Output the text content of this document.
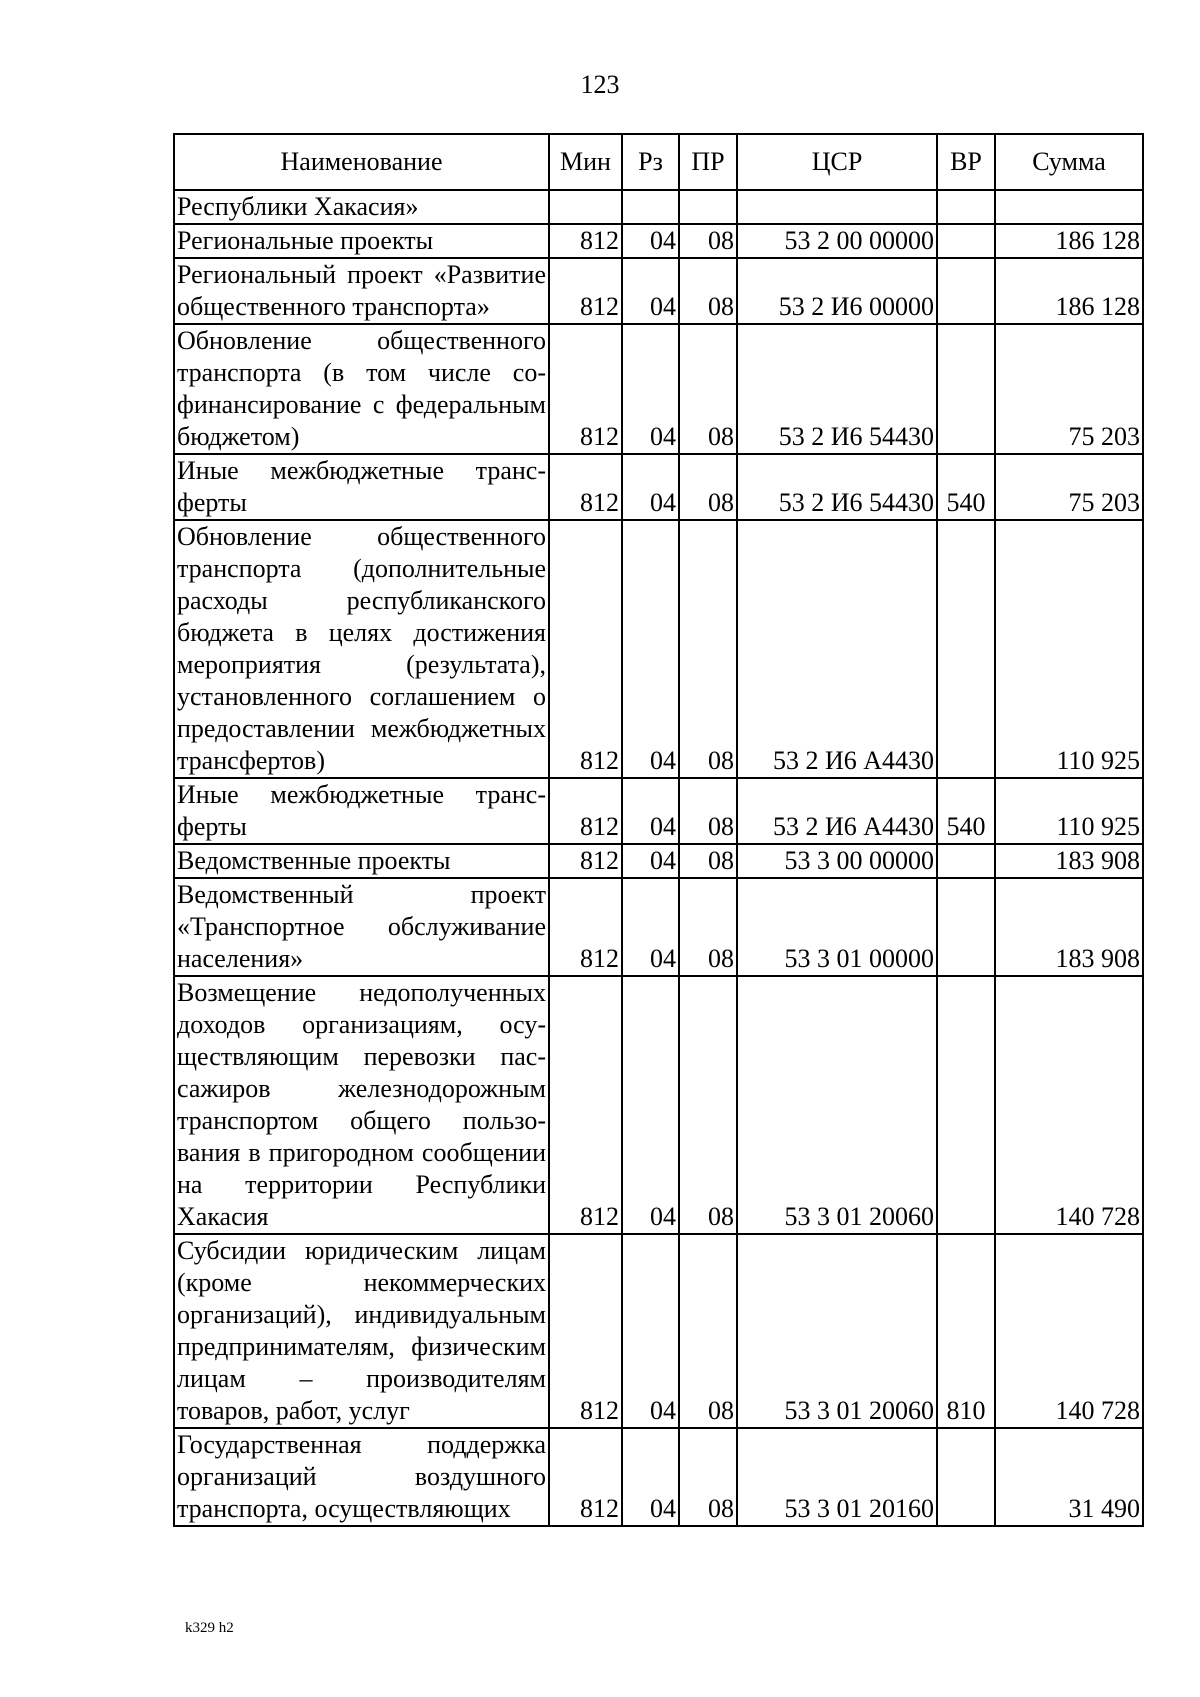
123
Наименование	Мин	Рз	ПР	ЦСР	ВР	Сумма
Республики Хакасия»						
Региональные проекты	812	04	08	53 2 00 00000		186 128
Региональный проект «Развитие общественного транспорта»	812	04	08	53 2 И6 00000		186 128
Обновление общественного транспорта (в том числе софинансирование с федеральным бюджетом)	812	04	08	53 2 И6 54430		75 203
Иные межбюджетные трансферты	812	04	08	53 2 И6 54430	540	75 203
Обновление общественного транспорта (дополнительные расходы республиканского бюджета в целях достижения мероприятия (результата), установленного соглашением о предоставлении межбюджетных трансфертов)	812	04	08	53 2 И6 А4430		110 925
Иные межбюджетные трансферты	812	04	08	53 2 И6 А4430	540	110 925
Ведомственные проекты	812	04	08	53 3 00 00000		183 908
Ведомственный проект «Транспортное обслуживание населения»	812	04	08	53 3 01 00000		183 908
Возмещение недополученных доходов организациям, осуществляющим перевозки пассажиров железнодорожным транспортом общего пользования в пригородном сообщении на территории Республики Хакасия	812	04	08	53 3 01 20060		140 728
Субсидии юридическим лицам (кроме некоммерческих организаций), индивидуальным предпринимателям, физическим лицам – производителям товаров, работ, услуг	812	04	08	53 3 01 20060	810	140 728
Государственная поддержка организаций воздушного транспорта, осуществляющих	812	04	08	53 3 01 20160		31 490
k329 h2
